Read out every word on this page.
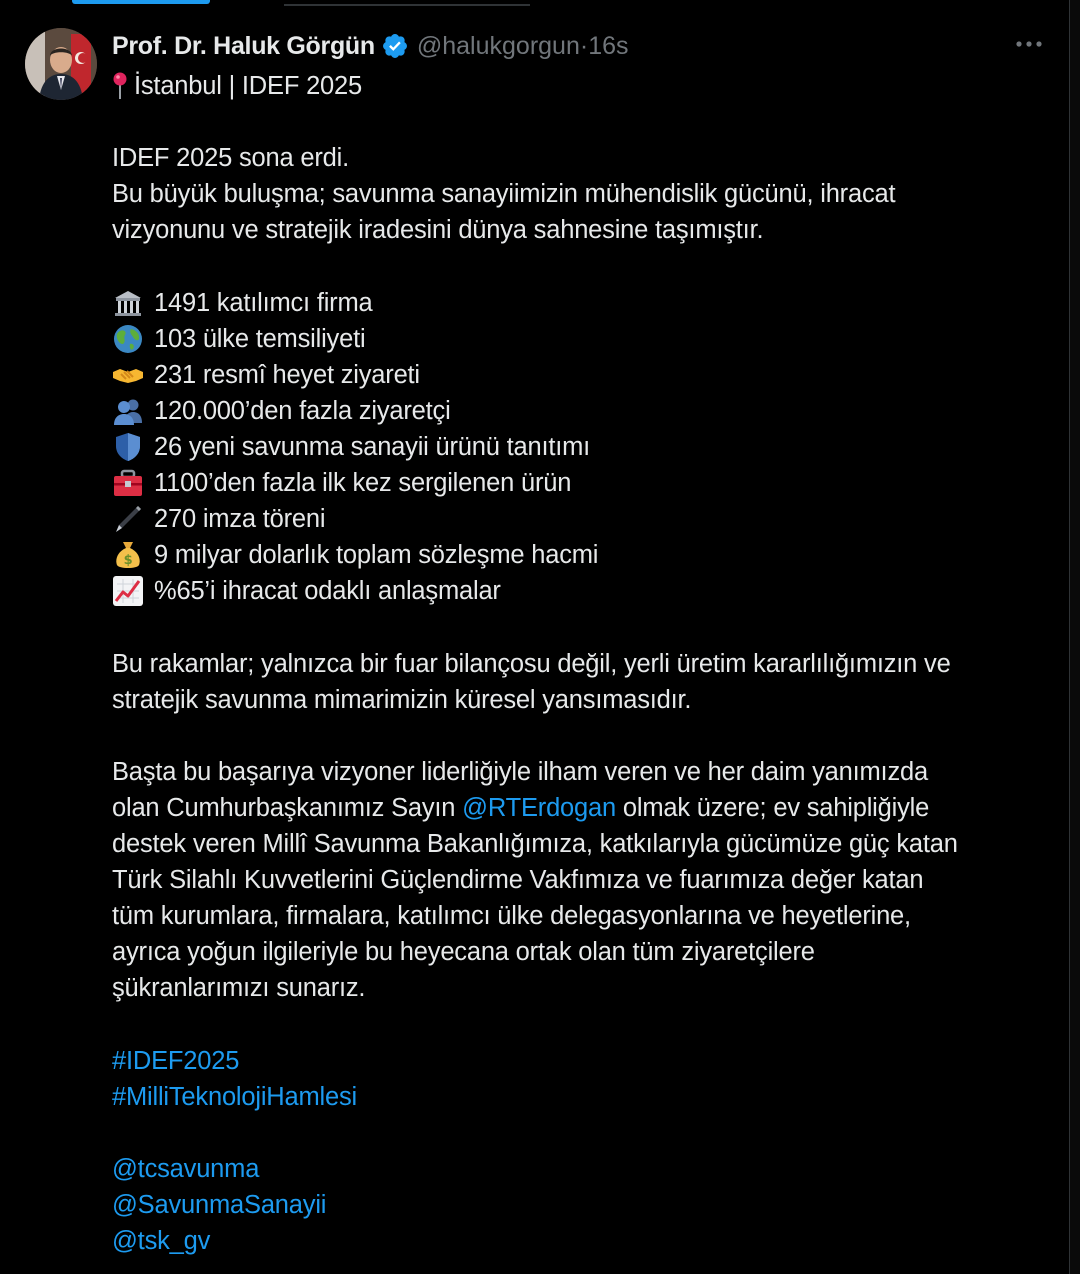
Prof. Dr. Haluk Görgün @halukgorgun · 16s
İstanbul | IDEF 2025
IDEF 2025 sona erdi.
Bu büyük buluşma; savunma sanayiimizin mühendislik gücünü, ihracat
vizyonunu ve stratejik iradesini dünya sahnesine taşımıştır.
1491 katılımcı firma
103 ülke temsiliyeti
231 resmî heyet ziyareti
120.000’den fazla ziyaretçi
26 yeni savunma sanayii ürünü tanıtımı
1100’den fazla ilk kez sergilenen ürün
270 imza töreni
$ 9 milyar dolarlık toplam sözleşme hacmi
%65’i ihracat odaklı anlaşmalar
Bu rakamlar; yalnızca bir fuar bilançosu değil, yerli üretim kararlılığımızın ve
stratejik savunma mimarimizin küresel yansımasıdır.
Başta bu başarıya vizyoner liderliğiyle ilham veren ve her daim yanımızda
olan Cumhurbaşkanımız Sayın @RTErdogan olmak üzere; ev sahipliğiyle
destek veren Millî Savunma Bakanlığımıza, katkılarıyla gücümüze güç katan
Türk Silahlı Kuvvetlerini Güçlendirme Vakfımıza ve fuarımıza değer katan
tüm kurumlara, firmalara, katılımcı ülke delegasyonlarına ve heyetlerine,
ayrıca yoğun ilgileriyle bu heyecana ortak olan tüm ziyaretçilere
şükranlarımızı sunarız.
#IDEF2025
#MilliTeknolojiHamlesi
@tcsavunma
@SavunmaSanayii
@tsk_gv
